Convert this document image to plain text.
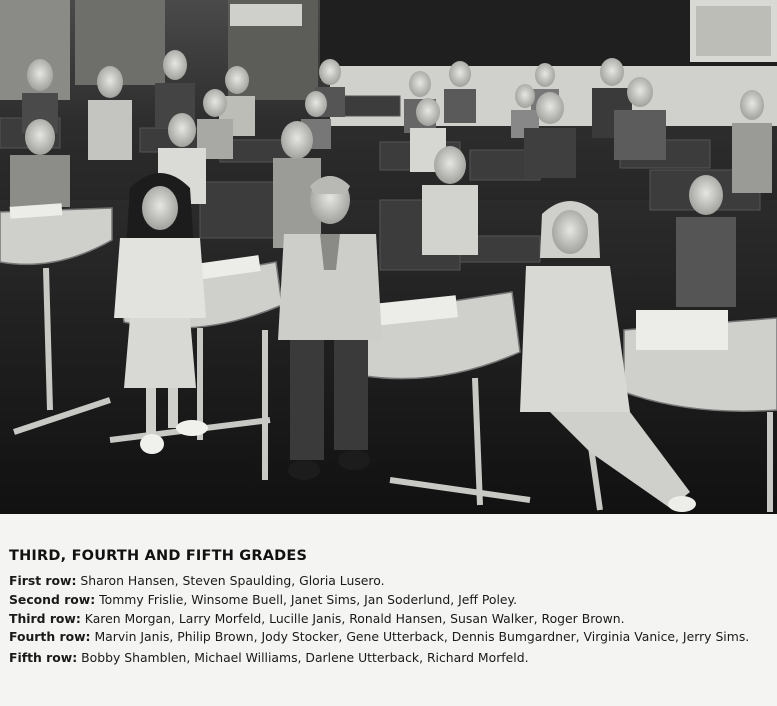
THIRD, FOURTH AND FIFTH GRADES

First row: Sharon Hansen, Steven Spaulding, Gloria Lusero.

Second row: Tommy Frislie, Winsome Buell, Janet Sims, Jan Soderlund, Jeff Poley.

Third row: Karen Morgan, Larry Morfeld, Lucille Janis, Ronald Hansen, Susan Walker, Roger Brown.

Fourth row: Marvin Janis, Philip Brown, Jody Stocker, Gene Utterback, Dennis Bumgardner, Virginia Vanice, Jerry Sims.

Fifth row: Bobby Shamblen, Michael Williams, Darlene Utterback, Richard Morfeld.
